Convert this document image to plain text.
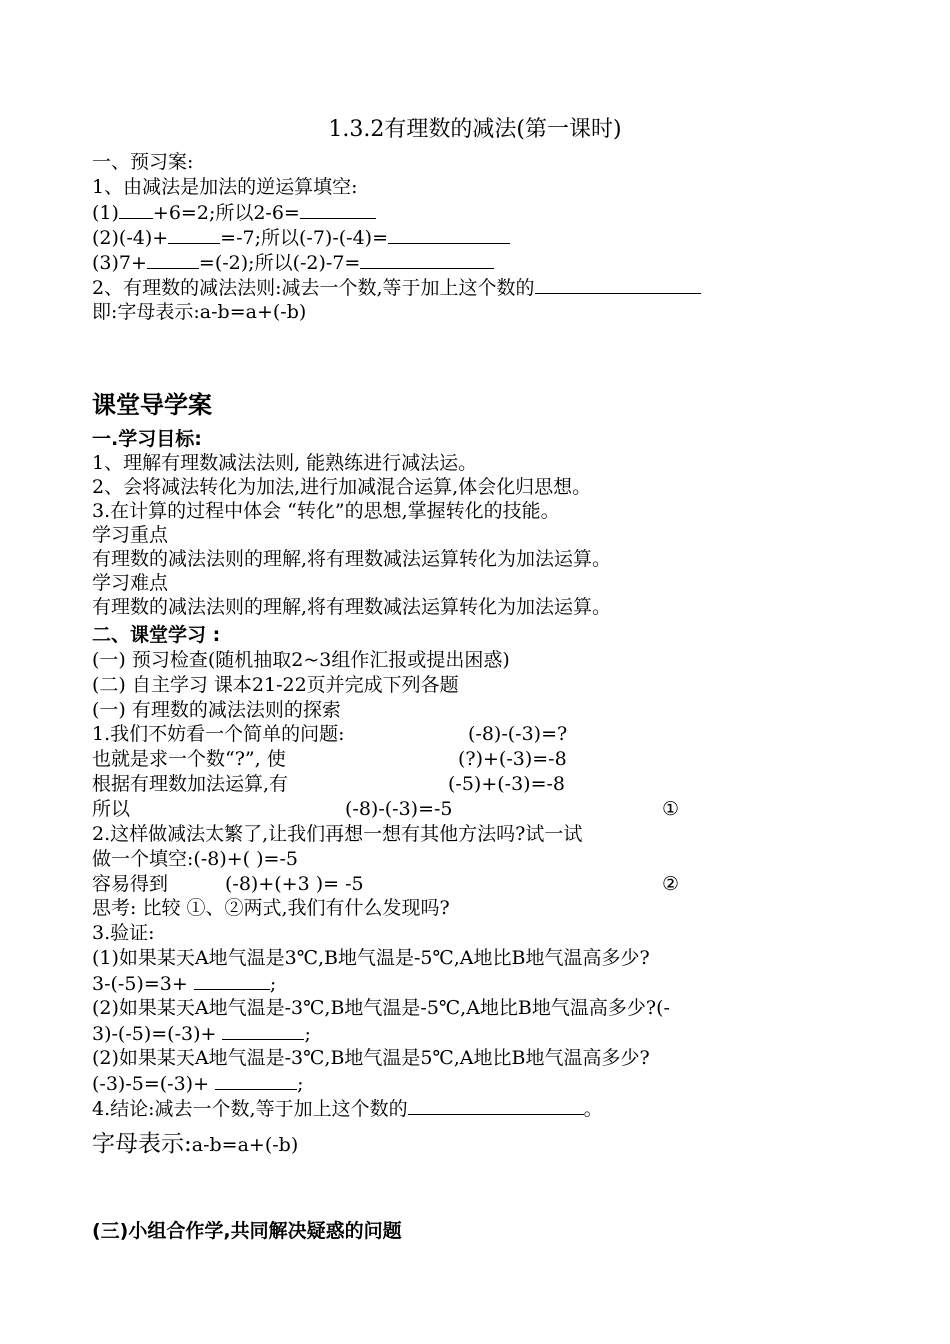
1.3.2有理数的减法(第一课时)
一、预习案:
1、由减法是加法的逆运算填空:
(1) +6=2;所以2-6=
(2)(-4)+	=-7;所以(-7)-(-4)=
(3)7+	=(-2);所以(-2)-7=
2、有理数的减法法则:减去一个数,等于加上这个数的
即:字母表示:a-b=a+(-b)
课堂导学案
一.学习目标:
1、理解有理数减法法则, 能熟练进行减法运。
2、会将减法转化为加法,进行加减混合运算,体会化归思想。
3.在计算的过程中体会 “转化”的思想,掌握转化的技能。
学习重点
有理数的减法法则的理解,将有理数减法运算转化为加法运算。
学习难点
有理数的减法法则的理解,将有理数减法运算转化为加法运算。
二、课堂学习 :
(一) 预习检查(随机抽取2~3组作汇报或提出困惑)
(二) 自主学习 课本21-22页并完成下列各题
(一) 有理数的减法法则的探索
1.我们不妨看一个简单的问题:	(-8)-(-3)=?
也就是求一个数“?”, 使	(?)+(-3)=-8
根据有理数加法运算,有	(-5)+(-3)=-8
所以	(-8)-(-3)=-5	①
2.这样做减法太繁了,让我们再想一想有其他方法吗?试一试
做一个填空:(-8)+( )=-5
容易得到	(-8)+(+3 )= -5	②
思考: 比较 ①、②两式,我们有什么发现吗?
3.验证:
(1)如果某天A地气温是3℃,B地气温是-5℃,A地比B地气温高多少?
3-(-5)=3+	;
(2)如果某天A地气温是-3℃,B地气温是-5℃,A地比B地气温高多少?(-
3)-(-5)=(-3)+	;
(2)如果某天A地气温是-3℃,B地气温是5℃,A地比B地气温高多少?
(-3)-5=(-3)+	;
4.结论:减去一个数,等于加上这个数的	。
字母表示:a-b=a+(-b)
(三)小组合作学,共同解决疑惑的问题
